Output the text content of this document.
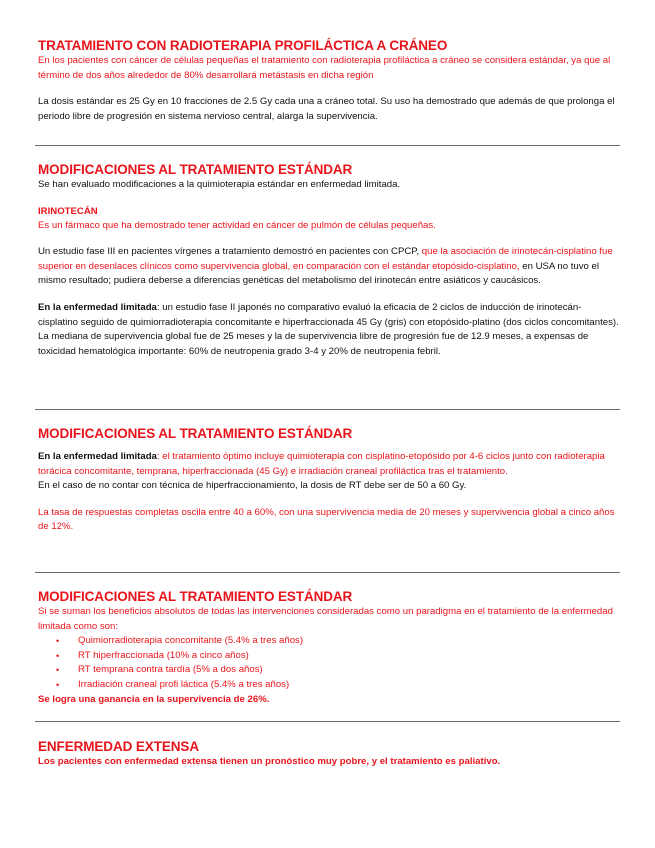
TRATAMIENTO CON RADIOTERAPIA PROFILÁCTICA A CRÁNEO

En los pacientes con cáncer de células pequeñas el tratamiento con radioterapia profiláctica a cráneo se considera estándar, ya que al término de dos años alrededor de 80% desarrollará metástasis en dicha región

La dosis estándar es 25 Gy en 10 fracciones de 2.5 Gy cada una a cráneo total. Su uso ha demostrado que además de que prolonga el periodo libre de progresión en sistema nervioso central, alarga la supervivencia.

MODIFICACIONES AL TRATAMIENTO ESTÁNDAR

Se han evaluado modificaciones a la quimioterapia estándar en enfermedad limitada.

IRINOTECÁN

Es un fármaco que ha demostrado tener actividad en cáncer de pulmón de células pequeñas.

Un estudio fase III en pacientes vírgenes a tratamiento demostró en pacientes con CPCP, que la asociación de irinotecán-cisplatino fue superior en desenlaces clínicos como supervivencia global, en comparación con el estándar etopósido-cisplatino, en USA no tuvo el mismo resultado; pudiera deberse a diferencias genéticas del metabolismo del irinotecán entre asiáticos y caucásicos.

En la enfermedad limitada: un estudio fase II japonés no comparativo evaluó la eficacia de 2 ciclos de inducción de irinotecán-cisplatino seguido de quimiorradioterapia concomitante e hiperfraccionada 45 Gy (gris) con etopósido-platino (dos ciclos concomitantes).

La mediana de supervivencia global fue de 25 meses y la de supervivencia libre de progresión fue de 12.9 meses, a expensas de toxicidad hematológica importante: 60% de neutropenia grado 3-4 y 20% de neutropenia febril.

MODIFICACIONES AL TRATAMIENTO ESTÁNDAR

En la enfermedad limitada: el tratamiento óptimo incluye quimioterapia con cisplatino-etopósido por 4-6 ciclos junto con radioterapia torácica concomitante, temprana, hiperfraccionada (45 Gy) e irradiación craneal profiláctica tras el tratamiento.

En el caso de no contar con técnica de hiperfraccionamiento, la dosis de RT debe ser de 50 a 60 Gy.

La tasa de respuestas completas oscila entre 40 a 60%, con una supervivencia media de 20 meses y supervivencia global a cinco años de 12%.

MODIFICACIONES AL TRATAMIENTO ESTÁNDAR

Si se suman los beneficios absolutos de todas las intervenciones consideradas como un paradigma en el tratamiento de la enfermedad limitada como son:

• Quimiorradioterapia concomitante (5.4% a tres años)
• RT hiperfraccionada (10% a cinco años)
• RT temprana contra tardía (5% a dos años)
• Irradiación craneal profi láctica (5.4% a tres años)

Se logra una ganancia en la supervivencia de 26%.

ENFERMEDAD EXTENSA

Los pacientes con enfermedad extensa tienen un pronóstico muy pobre, y el tratamiento es paliativo.
